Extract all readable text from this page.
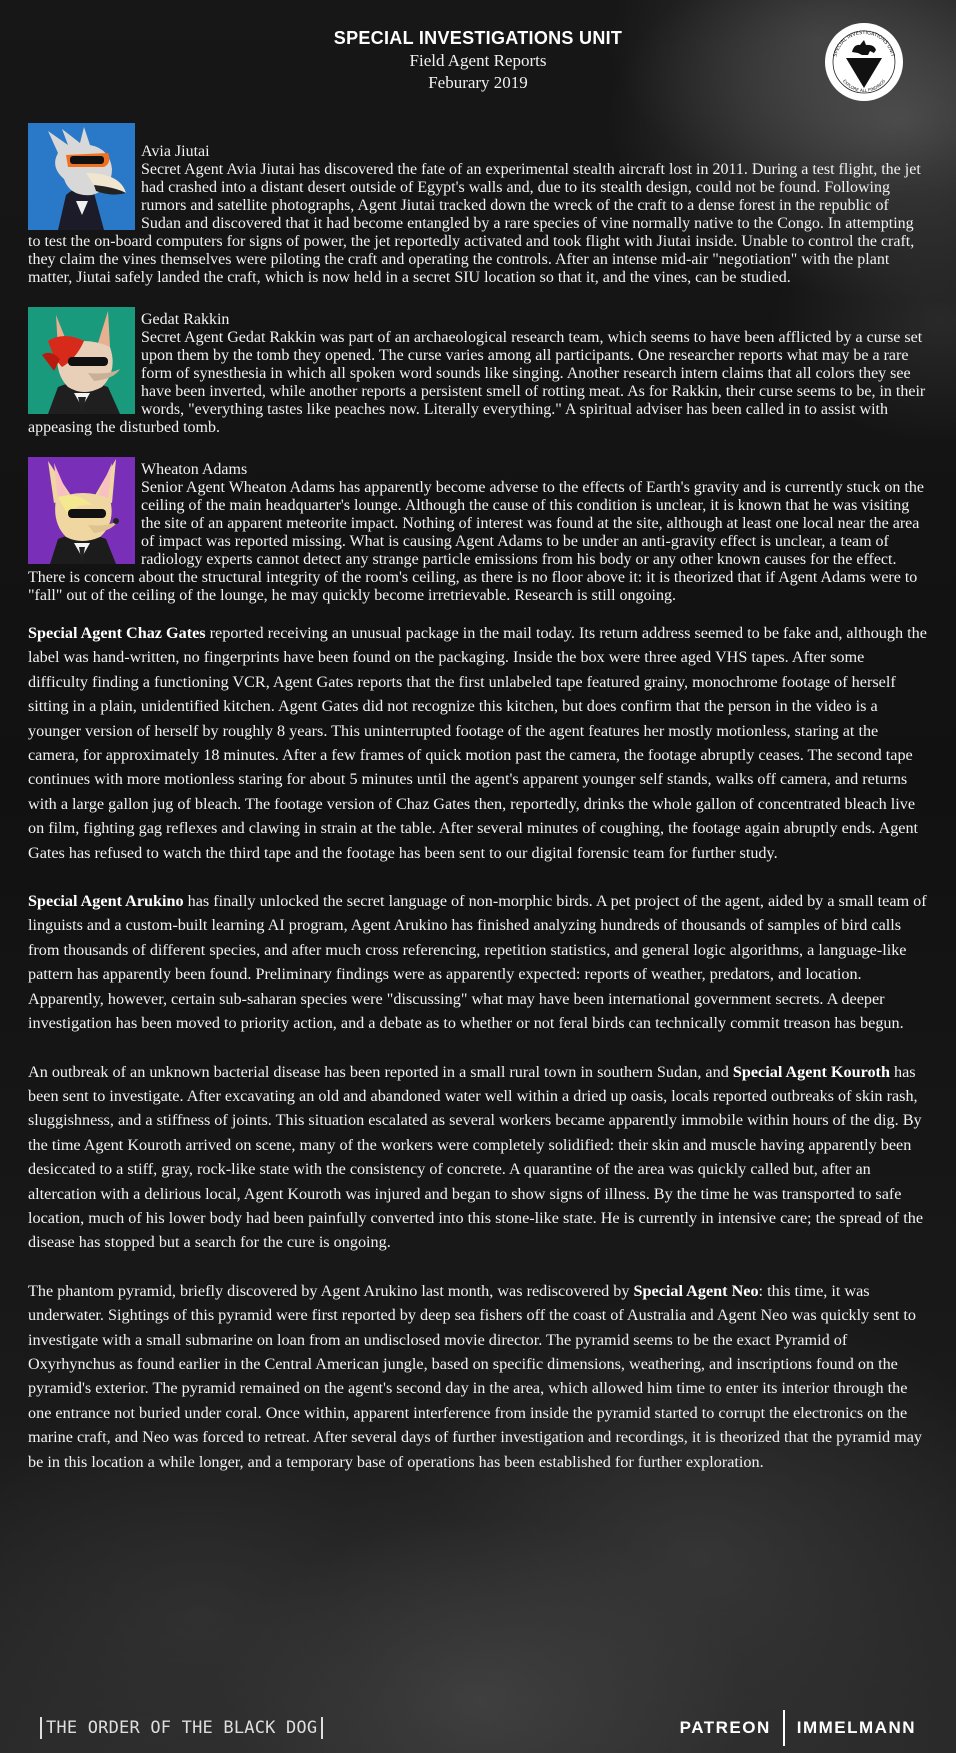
SPECIAL INVESTIGATIONS UNIT
Field Agent Reports
Feburary 2019
SPECIAL INVESTIGATIONS UNIT
EXPLORE ALL FINDINGS

Avia Jiutai
Secret Agent Avia Jiutai has discovered the fate of an experimental stealth aircraft lost in 2011. During a test flight, the jet had crashed into a distant desert outside of Egypt's walls and, due to its stealth design, could not be found. Following rumors and satellite photographs, Agent Jiutai tracked down the wreck of the craft to a dense forest in the republic of Sudan and discovered that it had become entangled by a rare species of vine normally native to the Congo. In attempting to test the on-board computers for signs of power, the jet reportedly activated and took flight with Jiutai inside. Unable to control the craft, they claim the vines themselves were piloting the craft and operating the controls. After an intense mid-air "negotiation" with the plant matter, Jiutai safely landed the craft, which is now held in a secret SIU location so that it, and the vines, can be studied.

Gedat Rakkin
Secret Agent Gedat Rakkin was part of an archaeological research team, which seems to have been afflicted by a curse set upon them by the tomb they opened. The curse varies among all participants. One researcher reports what may be a rare form of synesthesia in which all spoken word sounds like singing. Another research intern claims that all colors they see have been inverted, while another reports a persistent smell of rotting meat. As for Rakkin, their curse seems to be, in their words, "everything tastes like peaches now. Literally everything." A spiritual adviser has been called in to assist with appeasing the disturbed tomb.

Wheaton Adams
Senior Agent Wheaton Adams has apparently become adverse to the effects of Earth's gravity and is currently stuck on the ceiling of the main headquarter's lounge. Although the cause of this condition is unclear, it is known that he was visiting the site of an apparent meteorite impact. Nothing of interest was found at the site, although at least one local near the area of impact was reported missing. What is causing Agent Adams to be under an anti-gravity effect is unclear, a team of radiology experts cannot detect any strange particle emissions from his body or any other known causes for the effect. There is concern about the structural integrity of the room's ceiling, as there is no floor above it: it is theorized that if Agent Adams were to "fall" out of the ceiling of the lounge, he may quickly become irretrievable. Research is still ongoing.

Special Agent Chaz Gates reported receiving an unusual package in the mail today. Its return address seemed to be fake and, although the label was hand-written, no fingerprints have been found on the packaging. Inside the box were three aged VHS tapes. After some difficulty finding a functioning VCR, Agent Gates reports that the first unlabeled tape featured grainy, monochrome footage of herself sitting in a plain, unidentified kitchen. Agent Gates did not recognize this kitchen, but does confirm that the person in the video is a younger version of herself by roughly 8 years. This uninterrupted footage of the agent features her mostly motionless, staring at the camera, for approximately 18 minutes. After a few frames of quick motion past the camera, the footage abruptly ceases. The second tape continues with more motionless staring for about 5 minutes until the agent's apparent younger self stands, walks off camera, and returns with a large gallon jug of bleach. The footage version of Chaz Gates then, reportedly, drinks the whole gallon of concentrated bleach live on film, fighting gag reflexes and clawing in strain at the table. After several minutes of coughing, the footage again abruptly ends. Agent Gates has refused to watch the third tape and the footage has been sent to our digital forensic team for further study.

Special Agent Arukino has finally unlocked the secret language of non-morphic birds. A pet project of the agent, aided by a small team of linguists and a custom-built learning AI program, Agent Arukino has finished analyzing hundreds of thousands of samples of bird calls from thousands of different species, and after much cross referencing, repetition statistics, and general logic algorithms, a language-like pattern has apparently been found. Preliminary findings were as apparently expected: reports of weather, predators, and location. Apparently, however, certain sub-saharan species were "discussing" what may have been international government secrets. A deeper investigation has been moved to priority action, and a debate as to whether or not feral birds can technically commit treason has begun.

An outbreak of an unknown bacterial disease has been reported in a small rural town in southern Sudan, and Special Agent Kouroth has been sent to investigate. After excavating an old and abandoned water well within a dried up oasis, locals reported outbreaks of skin rash, sluggishness, and a stiffness of joints. This situation escalated as several workers became apparently immobile within hours of the dig. By the time Agent Kouroth arrived on scene, many of the workers were completely solidified: their skin and muscle having apparently been desiccated to a stiff, gray, rock-like state with the consistency of concrete. A quarantine of the area was quickly called but, after an altercation with a delirious local, Agent Kouroth was injured and began to show signs of illness. By the time he was transported to safe location, much of his lower body had been painfully converted into this stone-like state. He is currently in intensive care; the spread of the disease has stopped but a search for the cure is ongoing.

The phantom pyramid, briefly discovered by Agent Arukino last month, was rediscovered by Special Agent Neo: this time, it was underwater. Sightings of this pyramid were first reported by deep sea fishers off the coast of Australia and Agent Neo was quickly sent to investigate with a small submarine on loan from an undisclosed movie director. The pyramid seems to be the exact Pyramid of Oxyrhynchus as found earlier in the Central American jungle, based on specific dimensions, weathering, and inscriptions found on the pyramid's exterior. The pyramid remained on the agent's second day in the area, which allowed him time to enter its interior through the one entrance not buried under coral. Once within, apparent interference from inside the pyramid started to corrupt the electronics on the marine craft, and Neo was forced to retreat. After several days of further investigation and recordings, it is theorized that the pyramid may be in this location a while longer, and a temporary base of operations has been established for further exploration.

THE ORDER OF THE BLACK DOG	PATREON IMMELMANN
